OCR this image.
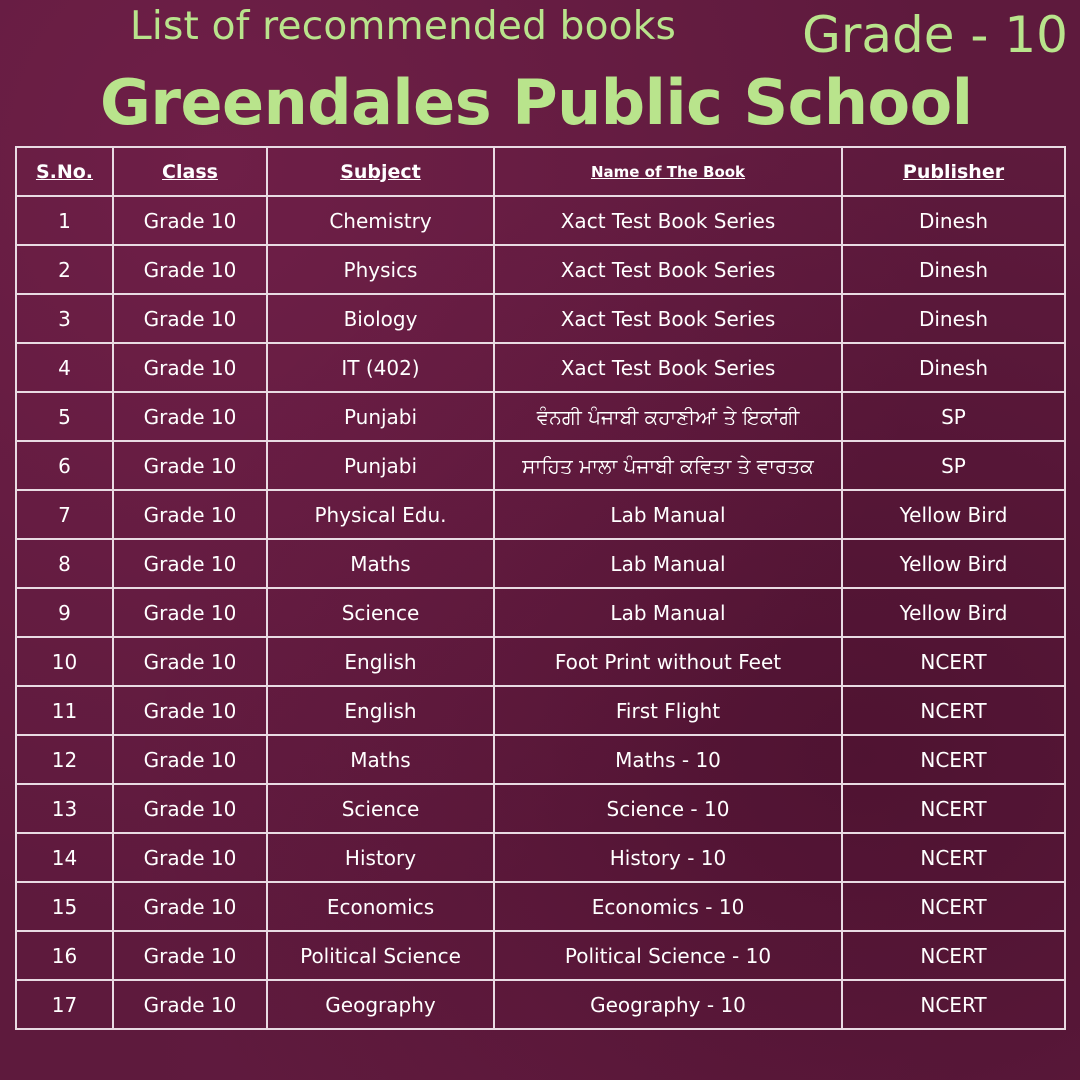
List of recommended books	Grade - 10
Greendales Public School
S.No.	Class	Subject	Name of The Book	Publisher
1	Grade 10	Chemistry	Xact Test Book Series	Dinesh
2	Grade 10	Physics	Xact Test Book Series	Dinesh
3	Grade 10	Biology	Xact Test Book Series	Dinesh
4	Grade 10	IT (402)	Xact Test Book Series	Dinesh
5	Grade 10	Punjabi	ਵੰਨਗੀ ਪੰਜਾਬੀ ਕਹਾਣੀਆਂ ਤੇ ਇਕਾਂਗੀ	SP
6	Grade 10	Punjabi	ਸਾਹਿਤ ਮਾਲਾ ਪੰਜਾਬੀ ਕਵਿਤਾ ਤੇ ਵਾਰਤਕ	SP
7	Grade 10	Physical Edu.	Lab Manual	Yellow Bird
8	Grade 10	Maths	Lab Manual	Yellow Bird
9	Grade 10	Science	Lab Manual	Yellow Bird
10	Grade 10	English	Foot Print without Feet	NCERT
11	Grade 10	English	First Flight	NCERT
12	Grade 10	Maths	Maths - 10	NCERT
13	Grade 10	Science	Science - 10	NCERT
14	Grade 10	History	History - 10	NCERT
15	Grade 10	Economics	Economics - 10	NCERT
16	Grade 10	Political Science	Political Science - 10	NCERT
17	Grade 10	Geography	Geography - 10	NCERT
